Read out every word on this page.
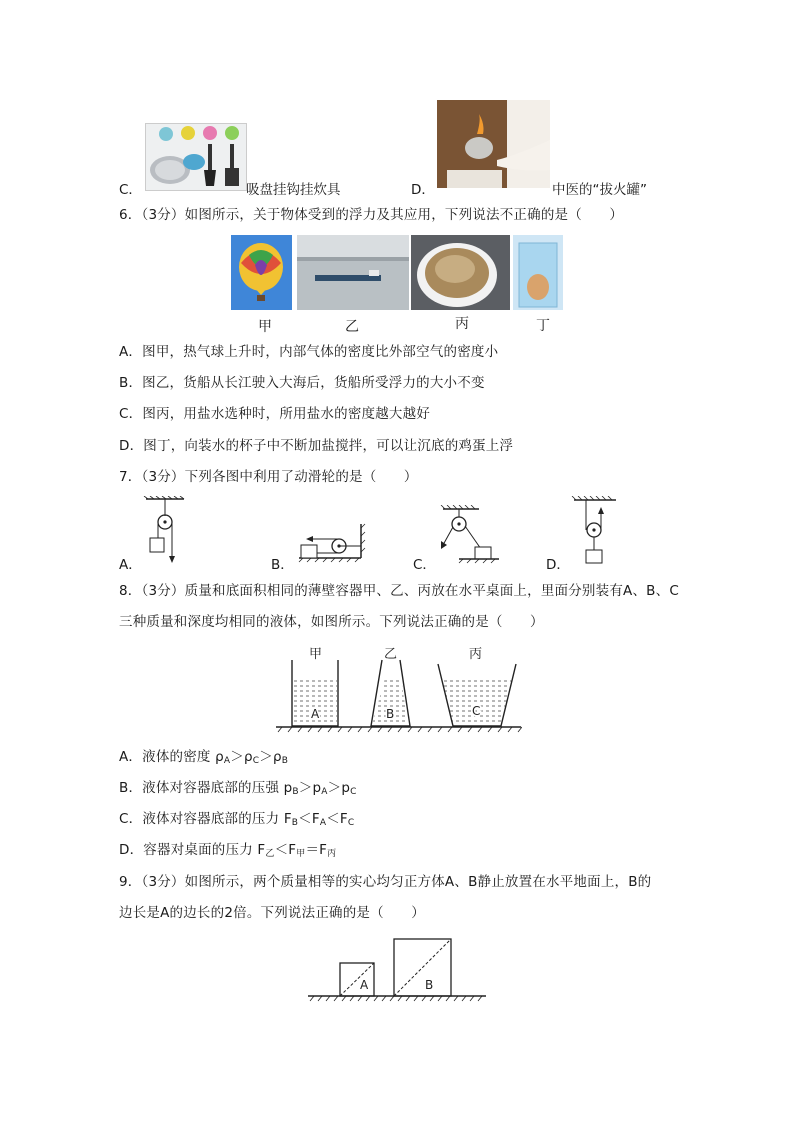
C．	吸盘挂钩挂炊具	D．	中医的“拔火罐”
6．（3分）如图所示，关于物体受到的浮力及其应用，下列说法不正确的是（　　）
甲	乙	丙	丁
A．图甲，热气球上升时，内部气体的密度比外部空气的密度小
B．图乙，货船从长江驶入大海后，货船所受浮力的大小不变
C．图丙，用盐水选种时，所用盐水的密度越大越好
D．图丁，向装水的杯子中不断加盐搅拌，可以让沉底的鸡蛋上浮
7．（3分）下列各图中利用了动滑轮的是（　　）
A．	B．	C．	D．
8．（3分）质量和底面积相同的薄壁容器甲、乙、丙放在水平桌面上，里面分别装有A、B、C
三种质量和深度均相同的液体，如图所示。下列说法正确的是（　　）
甲	乙	丙
A	B	C
A．液体的密度 $\rho_A>\rho_C>\rho_B$
B．液体对容器底部的压强 $p_B>p_A>p_C$
C．液体对容器底部的压力 $F_B<F_A<F_C$
D．容器对桌面的压力 $F_乙<F_甲=F_丙$
9．（3分）如图所示，两个质量相等的实心均匀正方体A、B静止放置在水平地面上，B的
边长是A的边长的2倍。下列说法正确的是（　　）
A	B
